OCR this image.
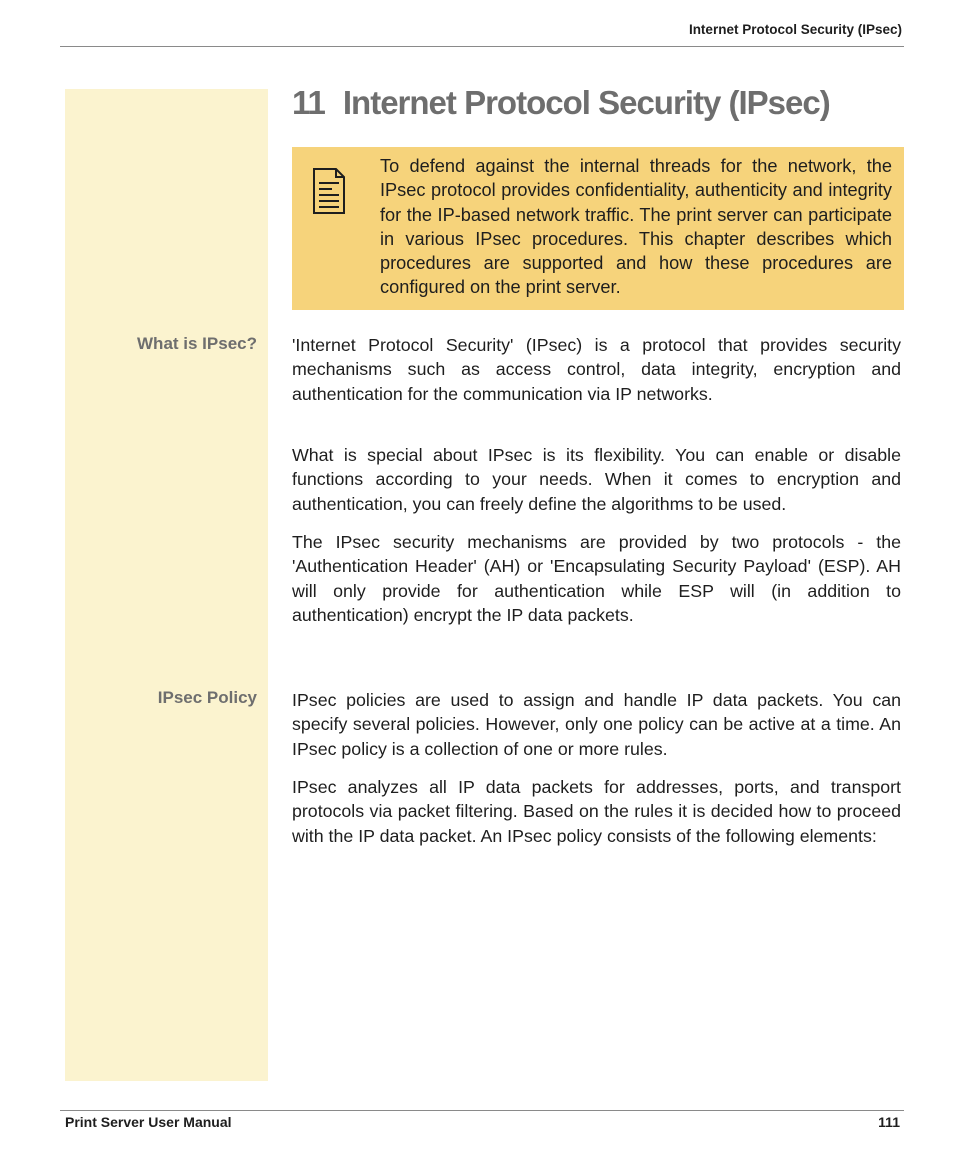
Internet Protocol Security (IPsec)
11 Internet Protocol Security (IPsec)
To defend against the internal threads for the network, the IPsec protocol provides confidentiality, authenticity and integrity for the IP-based network traffic. The print server can participate in various IPsec procedures. This chapter describes which procedures are supported and how these procedures are configured on the print server.
What is IPsec? 'Internet Protocol Security' (IPsec) is a protocol that provides security mechanisms such as access control, data integrity, encryption and authentication for the communication via IP networks.

What is special about IPsec is its flexibility. You can enable or disable functions according to your needs. When it comes to encryption and authentication, you can freely define the algorithms to be used.

The IPsec security mechanisms are provided by two protocols - the 'Authentication Header' (AH) or 'Encapsulating Security Payload' (ESP). AH will only provide for authentication while ESP will (in addition to authentication) encrypt the IP data packets.

IPsec Policy IPsec policies are used to assign and handle IP data packets. You can specify several policies. However, only one policy can be active at a time. An IPsec policy is a collection of one or more rules.

IPsec analyzes all IP data packets for addresses, ports, and transport protocols via packet filtering. Based on the rules it is decided how to proceed with the IP data packet. An IPsec policy consists of the following elements:

Print Server User Manual	111
